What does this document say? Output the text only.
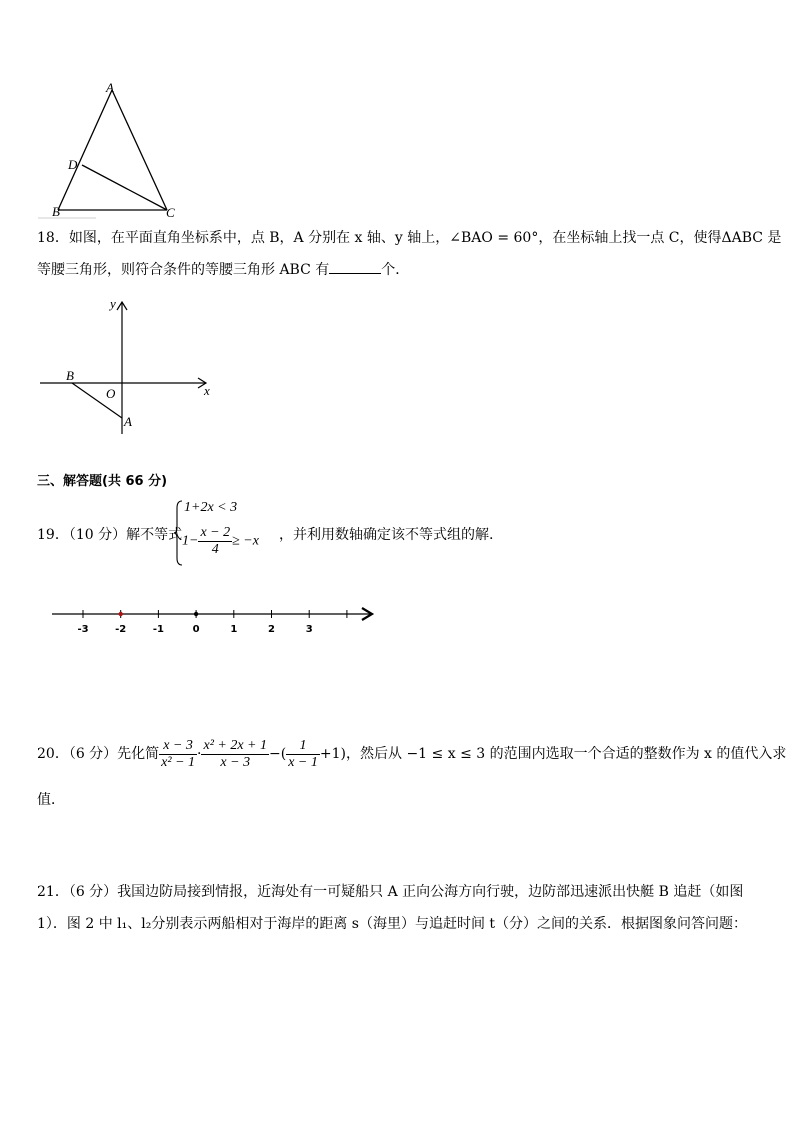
A
D
B	C
18．如图，在平面直角坐标系中，点 B，A 分别在 x 轴、y 轴上，∠BAO = 60°，在坐标轴上找一点 C，使得ΔABC 是
等腰三角形，则符合条件的等腰三角形 ABC 有	个．
y
x
B
O
A
三、解答题(共 66 分)
19．（10 分）解不等式
1+2x < 3
$1- \frac{x - 2}{4} \ge -x$ ，并利用数轴确定该不等式组的解.
-3	-2	-1	0	1	2	3
20．（6 分）先化简 $\frac{x - 3}{\text{x² − 1}} \cdot \frac{\text{x² + 2x + 1}}{x - 3}$ −( $\frac{1}{x - 1} +1$)，然后从 −1 ≤ x ≤ 3 的范围内选取一个合适的整数作为 x 的值代入求
值．
21．（6 分）我国边防局接到情报，近海处有一可疑船只 A 正向公海方向行驶，边防部迅速派出快艇 B 追赶（如图
1）．图 2 中 l₁、l₂分别表示两船相对于海岸的距离 s（海里）与追赶时间 t（分）之间的关系．根据图象问答问题：
